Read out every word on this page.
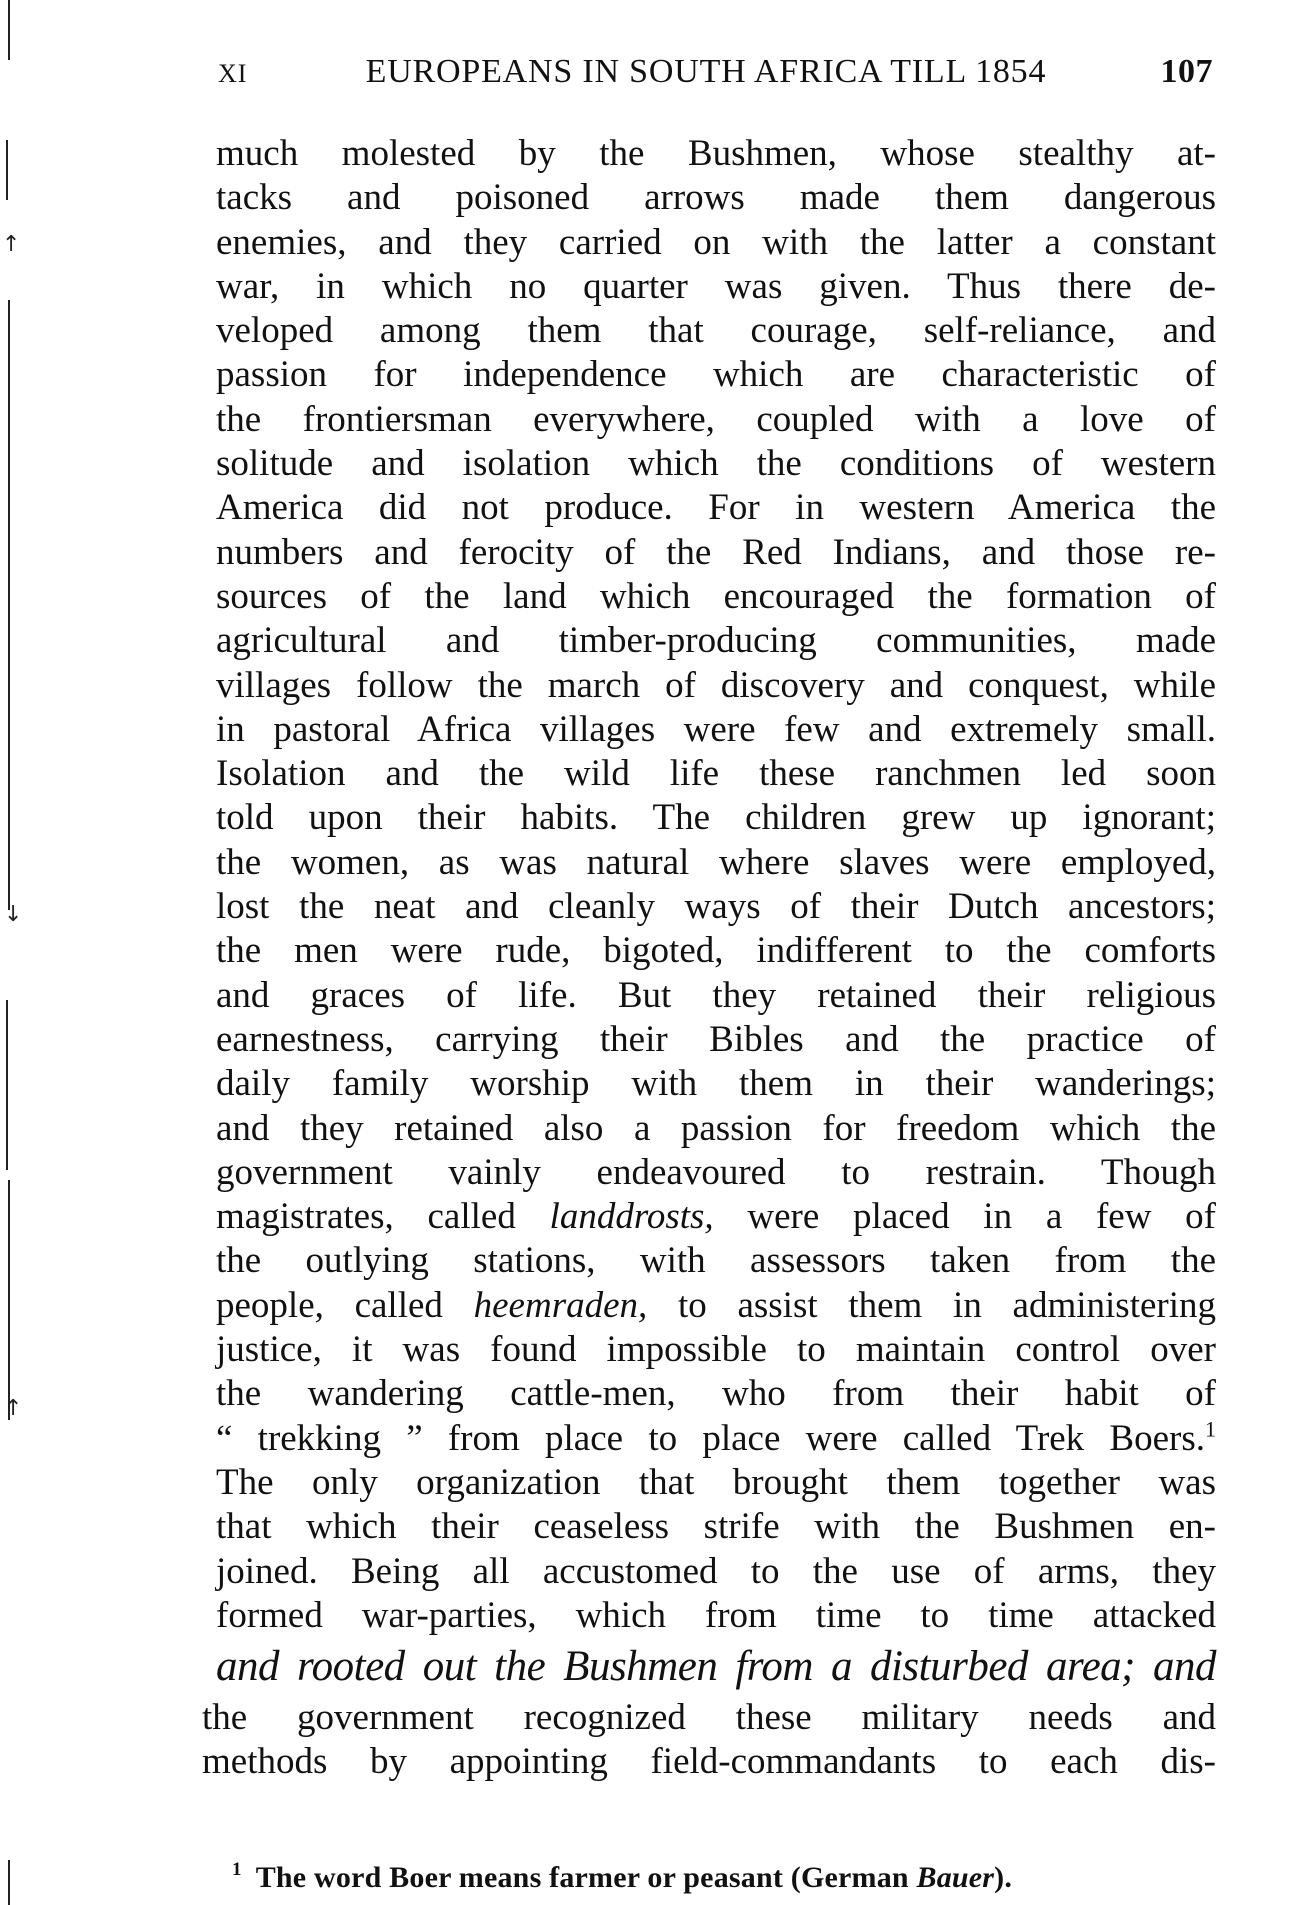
↑
↓
↑
XI	EUROPEANS IN SOUTH AFRICA TILL 1854	107
much molested by the Bushmen, whose stealthy at-
tacks and poisoned arrows made them dangerous
enemies, and they carried on with the latter a constant
war, in which no quarter was given. Thus there de-
veloped among them that courage, self-reliance, and
passion for independence which are characteristic of
the frontiersman everywhere, coupled with a love of
solitude and isolation which the conditions of western
America did not produce. For in western America the
numbers and ferocity of the Red Indians, and those re-
sources of the land which encouraged the formation of
agricultural and timber-producing communities, made
villages follow the march of discovery and conquest, while
in pastoral Africa villages were few and extremely small.
Isolation and the wild life these ranchmen led soon
told upon their habits. The children grew up ignorant;
the women, as was natural where slaves were employed,
lost the neat and cleanly ways of their Dutch ancestors;
the men were rude, bigoted, indifferent to the comforts
and graces of life. But they retained their religious
earnestness, carrying their Bibles and the practice of
daily family worship with them in their wanderings;
and they retained also a passion for freedom which the
government vainly endeavoured to restrain. Though
magistrates, called landdrosts, were placed in a few of
the outlying stations, with assessors taken from the
people, called heemraden, to assist them in administering
justice, it was found impossible to maintain control over
the wandering cattle-men, who from their habit of
“ trekking ” from place to place were called Trek Boers.$^1$
The only organization that brought them together was
that which their ceaseless strife with the Bushmen en-
joined. Being all accustomed to the use of arms, they
formed war-parties, which from time to time attacked
and rooted out the Bushmen from a disturbed area; and
the government recognized these military needs and
methods by appointing field-commandants to each dis-
$^1$ The word Boer means farmer or peasant (German Bauer).
